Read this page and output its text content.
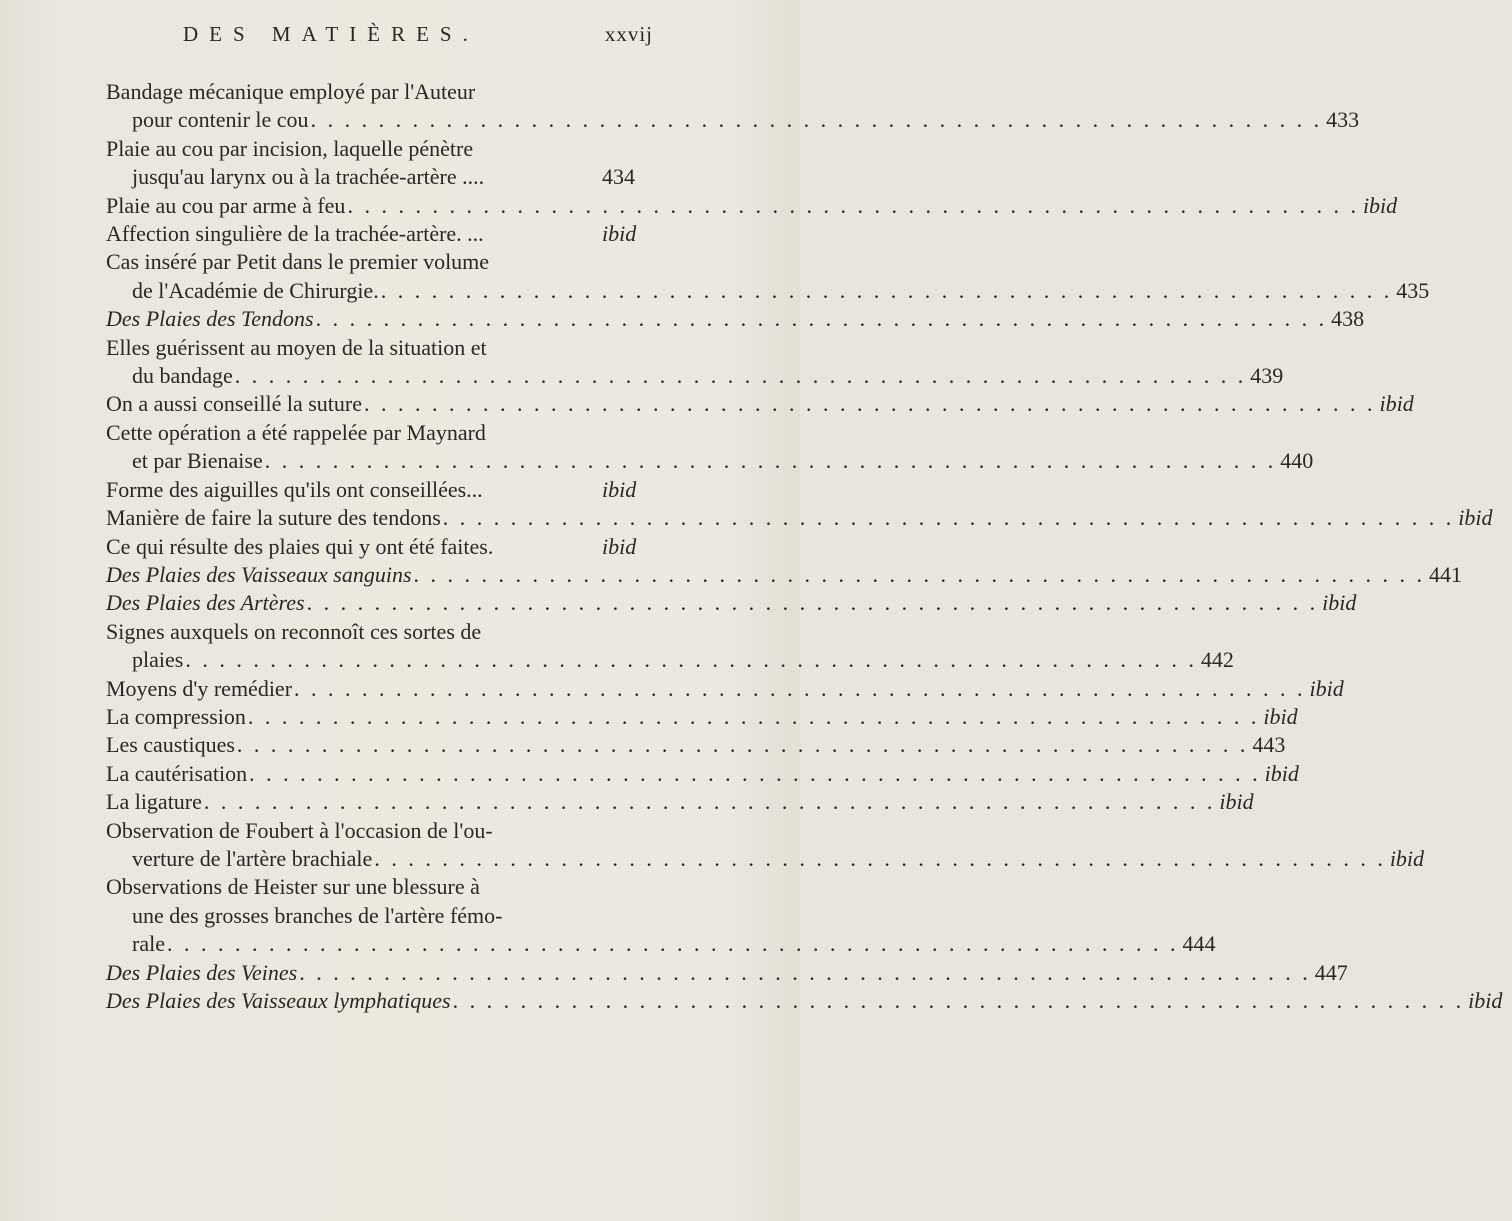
DES MATIÈRES.	xxvij
Bandage mécanique employé par l'Auteur
pour contenir le cou . . . . . . . . . . . . . . . . . . . . . . . . . . . . . . . . . . . . . . . . . . . . . . . . . . . . . . . . . . . . 433
Plaie au cou par incision, laquelle pénètre
jusqu'au larynx ou à la trachée-artère ....	434
Plaie au cou par arme à feu . . . . . . . . . . . . . . . . . . . . . . . . . . . . . . . . . . . . . . . . . . . . . . . . . . . . . . . . . . . . ibid
Affection singulière de la trachée-artère. ...	ibid
Cas inséré par Petit dans le premier volume
de l'Académie de Chirurgie. . . . . . . . . . . . . . . . . . . . . . . . . . . . . . . . . . . . . . . . . . . . . . . . . . . . . . . . . . . . . 435
Des Plaies des Tendons . . . . . . . . . . . . . . . . . . . . . . . . . . . . . . . . . . . . . . . . . . . . . . . . . . . . . . . . . . . . 438
Elles guérissent au moyen de la situation et
du bandage . . . . . . . . . . . . . . . . . . . . . . . . . . . . . . . . . . . . . . . . . . . . . . . . . . . . . . . . . . . . 439
On a aussi conseillé la suture . . . . . . . . . . . . . . . . . . . . . . . . . . . . . . . . . . . . . . . . . . . . . . . . . . . . . . . . . . . . ibid
Cette opération a été rappelée par Maynard
et par Bienaise . . . . . . . . . . . . . . . . . . . . . . . . . . . . . . . . . . . . . . . . . . . . . . . . . . . . . . . . . . . . 440
Forme des aiguilles qu'ils ont conseillées...	ibid
Manière de faire la suture des tendons . . . . . . . . . . . . . . . . . . . . . . . . . . . . . . . . . . . . . . . . . . . . . . . . . . . . . . . . . . . . ibid
Ce qui résulte des plaies qui y ont été faites.	ibid
Des Plaies des Vaisseaux sanguins . . . . . . . . . . . . . . . . . . . . . . . . . . . . . . . . . . . . . . . . . . . . . . . . . . . . . . . . . . . . 441
Des Plaies des Artères . . . . . . . . . . . . . . . . . . . . . . . . . . . . . . . . . . . . . . . . . . . . . . . . . . . . . . . . . . . . ibid
Signes auxquels on reconnoît ces sortes de
plaies . . . . . . . . . . . . . . . . . . . . . . . . . . . . . . . . . . . . . . . . . . . . . . . . . . . . . . . . . . . . 442
Moyens d'y remédier . . . . . . . . . . . . . . . . . . . . . . . . . . . . . . . . . . . . . . . . . . . . . . . . . . . . . . . . . . . . ibid
La compression . . . . . . . . . . . . . . . . . . . . . . . . . . . . . . . . . . . . . . . . . . . . . . . . . . . . . . . . . . . . ibid
Les caustiques . . . . . . . . . . . . . . . . . . . . . . . . . . . . . . . . . . . . . . . . . . . . . . . . . . . . . . . . . . . . 443
La cautérisation . . . . . . . . . . . . . . . . . . . . . . . . . . . . . . . . . . . . . . . . . . . . . . . . . . . . . . . . . . . . ibid
La ligature . . . . . . . . . . . . . . . . . . . . . . . . . . . . . . . . . . . . . . . . . . . . . . . . . . . . . . . . . . . . ibid
Observation de Foubert à l'occasion de l'ou-
verture de l'artère brachiale . . . . . . . . . . . . . . . . . . . . . . . . . . . . . . . . . . . . . . . . . . . . . . . . . . . . . . . . . . . . ibid
Observations de Heister sur une blessure à
une des grosses branches de l'artère fémo-
rale . . . . . . . . . . . . . . . . . . . . . . . . . . . . . . . . . . . . . . . . . . . . . . . . . . . . . . . . . . . . 444
Des Plaies des Veines . . . . . . . . . . . . . . . . . . . . . . . . . . . . . . . . . . . . . . . . . . . . . . . . . . . . . . . . . . . . 447
Des Plaies des Vaisseaux lymphatiques . . . . . . . . . . . . . . . . . . . . . . . . . . . . . . . . . . . . . . . . . . . . . . . . . . . . . . . . . . . . ibid
